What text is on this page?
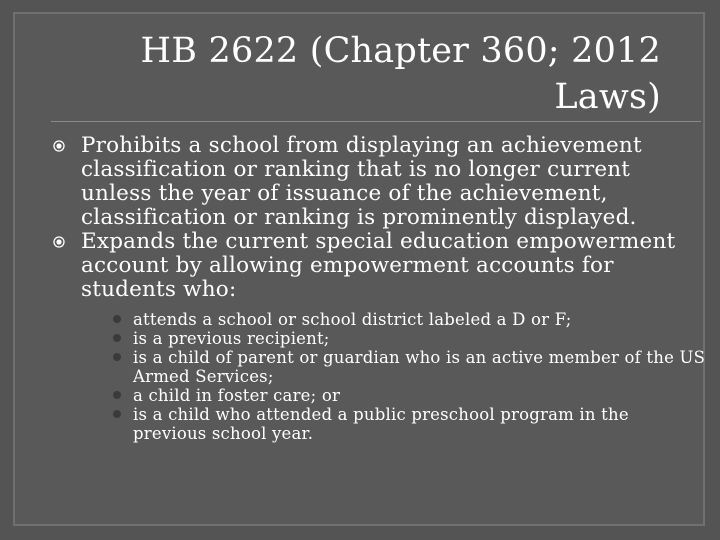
HB 2622 (Chapter 360; 2012 Laws)
Prohibits a school from displaying an achievement classification or ranking that is no longer current unless the year of issuance of the achievement, classification or ranking is prominently displayed.
Expands the current special education empowerment account by allowing empowerment accounts for students who:
attends a school or school district labeled a D or F;
is a previous recipient;
is a child of parent or guardian who is an active member of the US Armed Services;
a child in foster care; or
is a child who attended a public preschool program in the previous school year.
